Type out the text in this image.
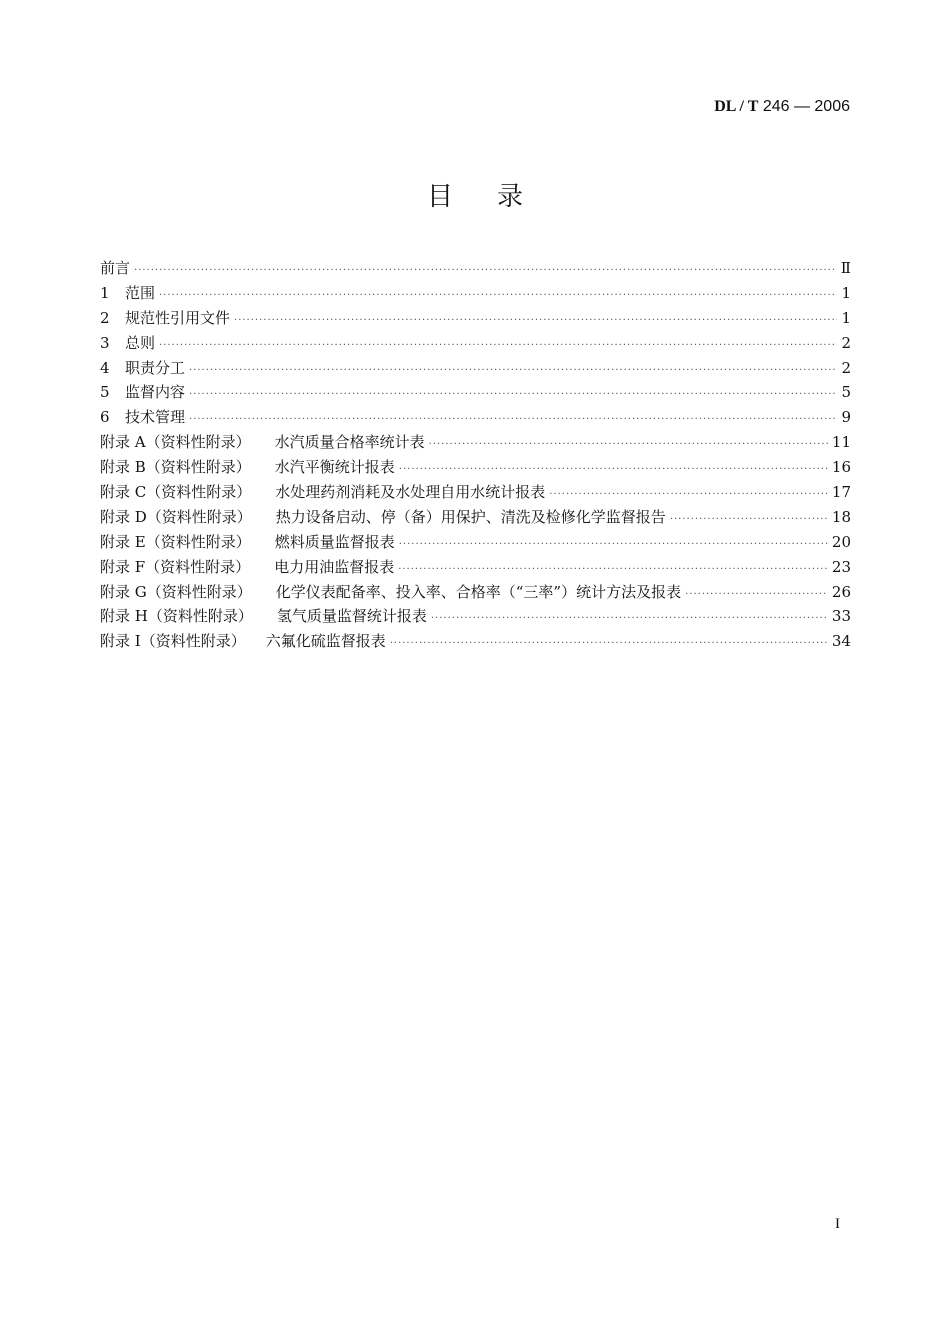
DL / T 246 — 2006
目录
前言 ·····	Ⅱ
1	范围 ·····	1
2	规范性引用文件 ·····	1
3	总则 ·····	2
4	职责分工 ·····	2
5	监督内容 ·····	5
6	技术管理 ·····	9
附录 A（资料性附录） 水汽质量合格率统计表 ·····	11
附录 B（资料性附录） 水汽平衡统计报表 ·····	16
附录 C（资料性附录） 水处理药剂消耗及水处理自用水统计报表 ·····	17
附录 D（资料性附录） 热力设备启动、停（备）用保护、清洗及检修化学监督报告 ·····	18
附录 E（资料性附录） 燃料质量监督报表 ·····	20
附录 F（资料性附录） 电力用油监督报表 ·····	23
附录 G（资料性附录） 化学仪表配备率、投入率、合格率（“三率”）统计方法及报表 ·····	26
附录 H（资料性附录） 氢气质量监督统计报表 ·····	33
附录 I（资料性附录） 六氟化硫监督报表 ·····	34
I
